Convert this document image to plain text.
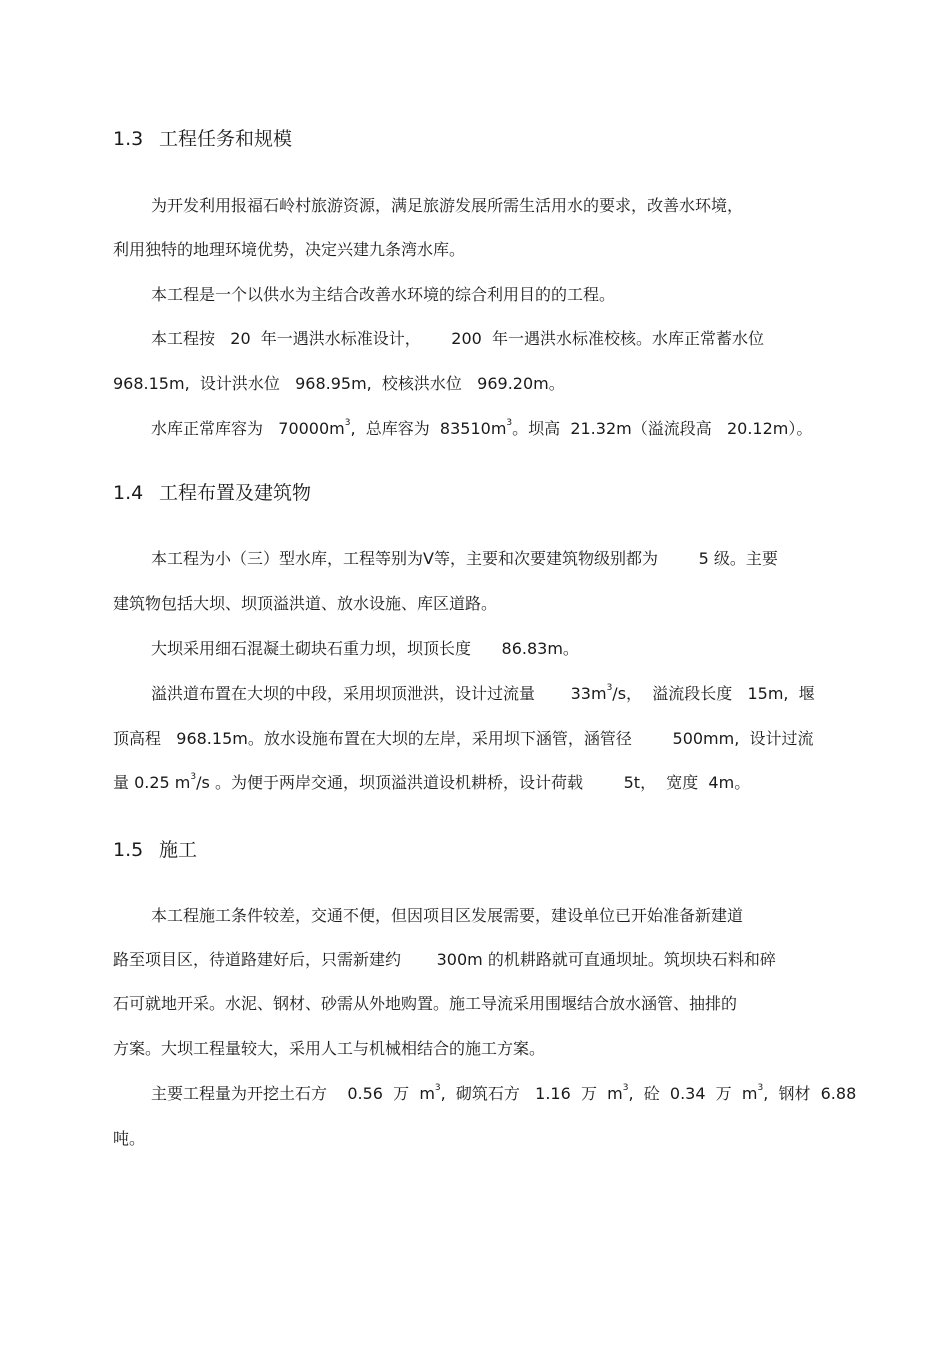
1.3 工程任务和规模
为开发利用报福石岭村旅游资源，满足旅游发展所需生活用水的要求，改善水环境，
利用独特的地理环境优势，决定兴建九条湾水库。
本工程是一个以供水为主结合改善水环境的综合利用目的的工程。
本工程按   20  年一遇洪水标准设计，      200  年一遇洪水标准校核。水库正常蓄水位
968.15m,  设计洪水位   968.95m,  校核洪水位   969.20m。
水库正常库容为   $70000m^3$,  总库容为  $83510m^3$。坝高  21.32m（溢流段高   20.12m）。
1.4 工程布置及建筑物
本工程为小（三）型水库，工程等别为Ⅴ等，主要和次要建筑物级别都为        5 级。主要
建筑物包括大坝、坝顶溢洪道、放水设施、库区道路。
大坝采用细石混凝土砌块石重力坝，坝顶长度      86.83m。
溢洪道布置在大坝的中段，采用坝顶泄洪，设计过流量       $33m^3/s$，  溢流段长度   15m,  堰
顶高程   968.15m。放水设施布置在大坝的左岸，采用坝下涵管，涵管径        500mm,  设计过流
量 0.25 $m^3/s$ 。为便于两岸交通，坝顶溢洪道设机耕桥，设计荷载        5t，  宽度  4m。
1.5 施工
本工程施工条件较差，交通不便，但因项目区发展需要，建设单位已开始准备新建道
路至项目区，待道路建好后，只需新建约       300m 的机耕路就可直通坝址。筑坝块石料和碎
石可就地开采。水泥、钢材、砂需从外地购置。施工导流采用围堰结合放水涵管、抽排的
方案。大坝工程量较大，采用人工与机械相结合的施工方案。
主要工程量为开挖土石方    0.56  万  $m^3$,  砌筑石方   1.16  万  $m^3$,  砼  0.34  万  $m^3$,  钢材  6.88
吨。
